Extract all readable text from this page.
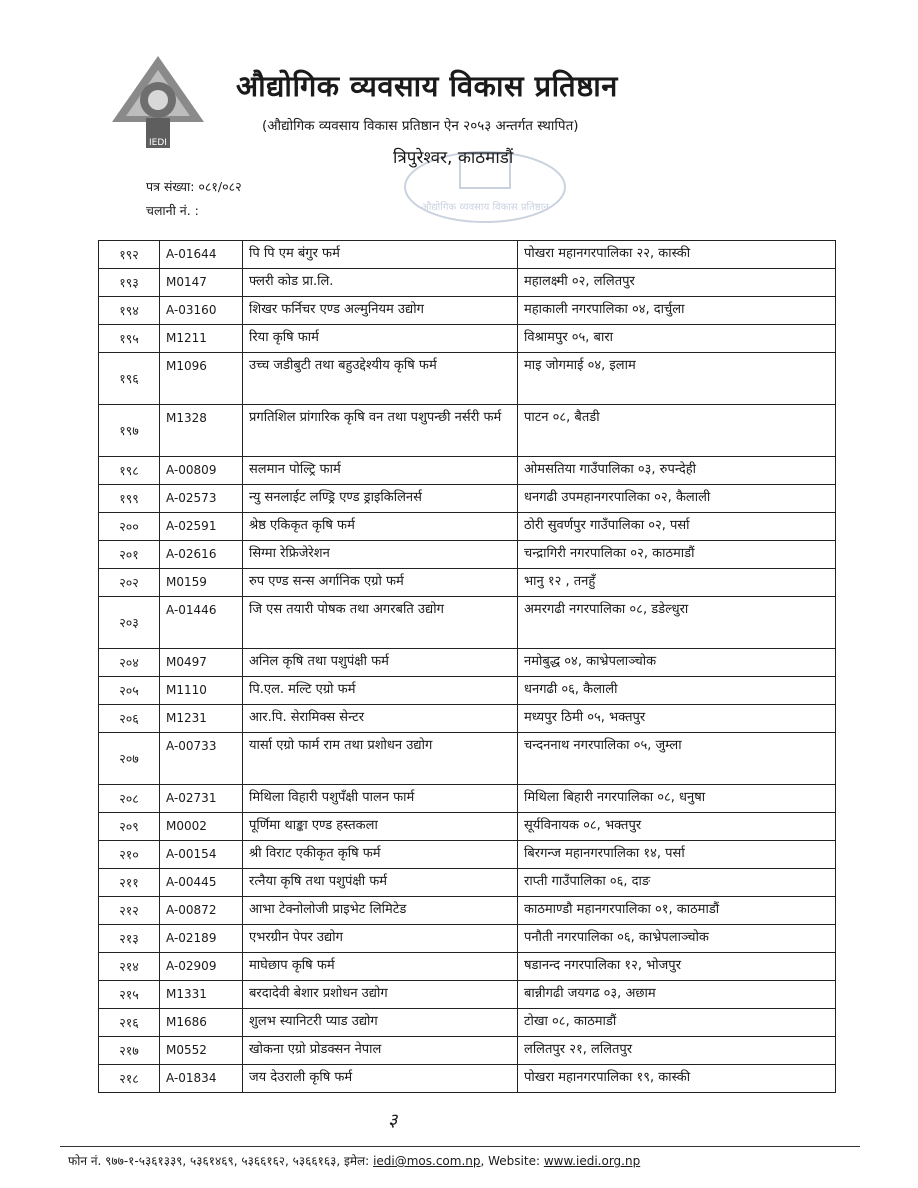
IEDI
औद्योगिक व्यवसाय विकास प्रतिष्ठान
(औद्योगिक व्यवसाय विकास प्रतिष्ठान ऐन २०५३ अन्तर्गत स्थापित)
औद्योगिक व्यवसाय विकास प्रतिष्ठान
त्रिपुरेश्वर, काठमाडौं
पत्र संख्या: ०८१/०८२
चलानी नं. :
१९२	A-01644	पि पि एम बंगुर फर्म	पोखरा महानगरपालिका २२, कास्की
१९३	M0147	फ्लरी कोड प्रा.लि.	महालक्ष्मी ०२, ललितपुर
१९४	A-03160	शिखर फर्निचर एण्ड अल्मुनियम उद्योग	महाकाली नगरपालिका ०४, दार्चुला
१९५	M1211	रिया कृषि फार्म	विश्रामपुर ०५, बारा
१९६	M1096	उच्च जडीबुटी तथा बहुउद्देश्यीय कृषि फर्म	माइ जोगमाई ०४, इलाम
१९७	M1328	प्रगतिशिल प्रांगारिक कृषि वन तथा पशुपन्छी नर्सरी फर्म	पाटन ०८, बैतडी
१९८	A-00809	सलमान पोल्ट्रि फार्म	ओमसतिया गाउँपालिका ०३, रुपन्देही
१९९	A-02573	न्यु सनलाईट लण्ड्रि एण्ड ड्राइकिलिनर्स	धनगढी उपमहानगरपालिका ०२, कैलाली
२००	A-02591	श्रेष्ठ एकिकृत कृषि फर्म	ठोरी सुवर्णपुर गाउँपालिका ०२, पर्सा
२०१	A-02616	सिग्मा रेफ्रिजेरेशन	चन्द्रागिरी नगरपालिका ०२, काठमाडौं
२०२	M0159	रुप एण्ड सन्स अर्गानिक एग्रो फर्म	भानु १२ , तनहुँ
२०३	A-01446	जि एस तयारी पोषक तथा अगरबति उद्योग	अमरगढी नगरपालिका ०८, डडेल्धुरा
२०४	M0497	अनिल कृषि तथा पशुपंक्षी फर्म	नमोबुद्ध ०४, काभ्रेपलाञ्चोक
२०५	M1110	पि.एल. मल्टि एग्रो फर्म	धनगढी ०६, कैलाली
२०६	M1231	आर.पि. सेरामिक्स सेन्टर	मध्यपुर ठिमी ०५, भक्तपुर
२०७	A-00733	यार्सा एग्रो फार्म राम तथा प्रशोधन उद्योग	चन्दननाथ नगरपालिका ०५, जुम्ला
२०८	A-02731	मिथिला विहारी पशुपँक्षी पालन फार्म	मिथिला बिहारी नगरपालिका ०८, धनुषा
२०९	M0002	पूर्णिमा थाङ्का एण्ड हस्तकला	सूर्यविनायक ०८, भक्तपुर
२१०	A-00154	श्री विराट एकीकृत कृषि फर्म	बिरगन्ज महानगरपालिका १४, पर्सा
२११	A-00445	रत्नैया कृषि तथा पशुपंक्षी फर्म	राप्ती गाउँपालिका ०६, दाङ
२१२	A-00872	आभा टेक्नोलोजी प्राइभेट लिमिटेड	काठमाण्डौ महानगरपालिका ०१, काठमाडौं
२१३	A-02189	एभरग्रीन पेपर उद्योग	पनौती नगरपालिका ०६, काभ्रेपलाञ्चोक
२१४	A-02909	माघेछाप कृषि फर्म	षडानन्द नगरपालिका १२, भोजपुर
२१५	M1331	बरदादेवी बेशार प्रशोधन उद्योग	बान्नीगढी जयगढ ०३, अछाम
२१६	M1686	शुलभ स्यानिटरी प्याड उद्योग	टोखा ०८, काठमाडौं
२१७	M0552	खोकना एग्रो प्रोडक्सन नेपाल	ललितपुर २१, ललितपुर
२१८	A-01834	जय देउराली कृषि फर्म	पोखरा महानगरपालिका १९, कास्की
३
फोन नं. ९७७-१-५३६१३३९, ५३६१४६९, ५३६६१६२, ५३६६१६३, इमेल: iedi@mos.com.np, Website: www.iedi.org.np
